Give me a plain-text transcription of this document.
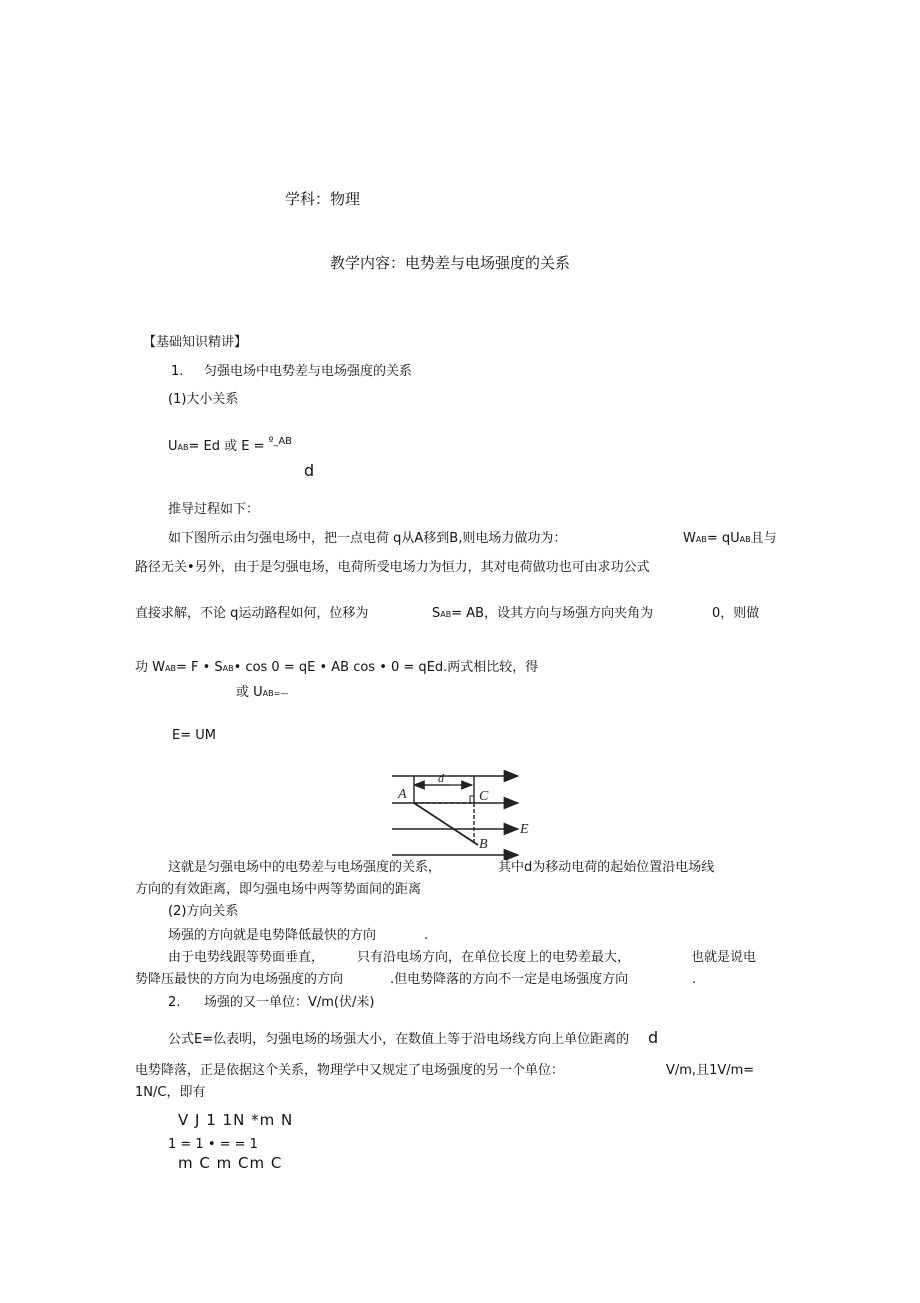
学科：物理
教学内容：电势差与电场强度的关系
【基础知识精讲】
1. 匀强电场中电势差与电场强度的关系
(1)大小关系
UAB= Ed 或 E = $^{º\_AB}$
d
推导过程如下：
如下图所示由匀强电场中，把一点电荷 q从A移到B,则电场力做功为：	WAB= qUAB且与
路径无关•另外，由于是匀强电场，电荷所受电场力为恒力，其对电荷做功也可由求功公式
直接求解，不论 q运动路程如何，位移为	SAB= AB，设其方向与场强方向夹角为	0，则做
功 WAB= F • SAB• cos 0 = qE • AB cos • 0 = qEd.两式相比较，得
或 UAB=—
E= UM
d
A	C
B
E
这就是匀强电场中的电势差与电场强度的关系，	其中d为移动电荷的起始位置沿电场线
方向的有效距离，即匀强电场中两等势面间的距离
(2)方向关系
场强的方向就是电势降低最快的方向	.
由于电势线跟等势面垂直，	只有沿电场方向，在单位长度上的电势差最大，	也就是说电
势降压最快的方向为电场强度的方向	.但电势降落的方向不一定是电场强度方向	.
2. 场强的又一单位：V/m(伏/米)
公式E=仫表明，匀强电场的场强大小，在数值上等于沿电场线方向上单位距离的 d
电势降落，正是依据这个关系，物理学中又规定了电场强度的另一个单位：	V/m,且1V/m=
1N/C，即有
V J 1 1N *m N
1 = 1 • = = 1
m C m Cm C
